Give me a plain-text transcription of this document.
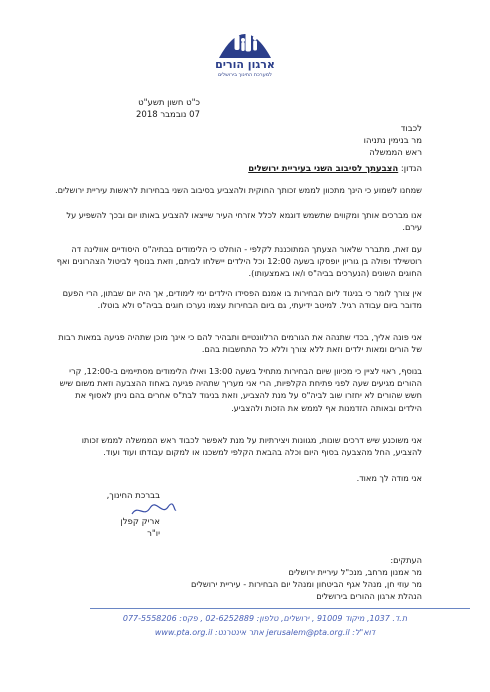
ארגון הורים
למערכת החינוך בירושלים
כ"ט חשון תשע"ט
07 נובמבר 2018
לכבוד
מר בנימין נתניהו
ראש הממשלה
הנדון: הצבעתך לסיבוב השני בעיריית ירושלים
שמחנו לשמוע כי הינך מתכוון לממש זכותך החוקית ולהצביע בסיבוב השני בבחירות לראשות עיריית ירושלים.
אנו מברכים אותך ומקווים שתשמש דוגמא לכלל אזרחי העיר שייצאו להצביע באותו יום ובכך להשפיע על עירם.
עם זאת, מתברר שלאור הצעתך המתוכננת לקלפי - הוחלט כי הלימודים בבתיה"ס היסודיים אוולינה דה רוטשילד ופולה בן גוריון יופסקו בשעה 12:00 וכל הילדים יישלחו לביתם, וזאת בנוסף לביטול הצהרונים ואף החוגים השונים (הנערכים בביה"ס ו/או באמצעותו).
אין צורך לומר כי בניגוד ליום הבחירות בו אמנם הפסידו הילדים ימי לימודים, אך היה יום שבתון, הרי הפעם מדובר ביום עבודה רגיל. למיטב ידיעתי, גם ביום הבחירות עצמו נערכו חוגים בביה"ס ולא בוטלו.
אני פונה אליך, בכדי שתנהה את הגורמים הרלוונטיים ותבהיר להם כי אינך מוכן שתהיה פגיעה במאות רבות של הורים ומאות ילדים וזאת ללא צורך וללא כל התחשבות בהם.
בנוסף, ראוי לציין כי מכיוון שיום הבחירות מתחיל בשעה 13:00 ואילו הלימודים מסתיימים ב-12:00, קרי ההורים מגיעים שעה לפני פתיחת הקלפיות, הרי אני מעריך שתהיה פגיעה באחוז ההצבעה וזאת משום שיש חשש שהורים לא יחזרו שוב לביה"ס על מנת להצביע, וזאת בניגוד לבת"ס אחרים בהם ניתן לאסוף את הילדים ובאותה הזדמנות אף לממש את הזכות ולהצביע.
אני משוכנע שיש דרכים שונות, מגוונות ויצירתיות על מנת לאפשר לכבוד ראש הממשלה לממש זכותו להצביע, החל מהצבעה בסוף היום וכלה בהבאת הקלפי למשכנו או למקום עבודתו ועוד ועוד.
אני מודה לך מאוד.
בברכת החינוך,
אריק קפלן
יו"ר
העתקים:
מר אמנון מרחב, מנכ"ל עיריית ירושלים
מר עוזי חן, מנהל אגף הביטחון ומנהל יום הבחירות - עיריית ירושלים
הנהלת ארגון ההורים בירושלים
ת.ד. 1037, מיקוד 91009 , ירושלים, טלפון: 02-6252889 , פקס: 077-5558206
דוא"ל: jerusalem@pta.org.il אתר אינטרנט: www.pta.org.il
